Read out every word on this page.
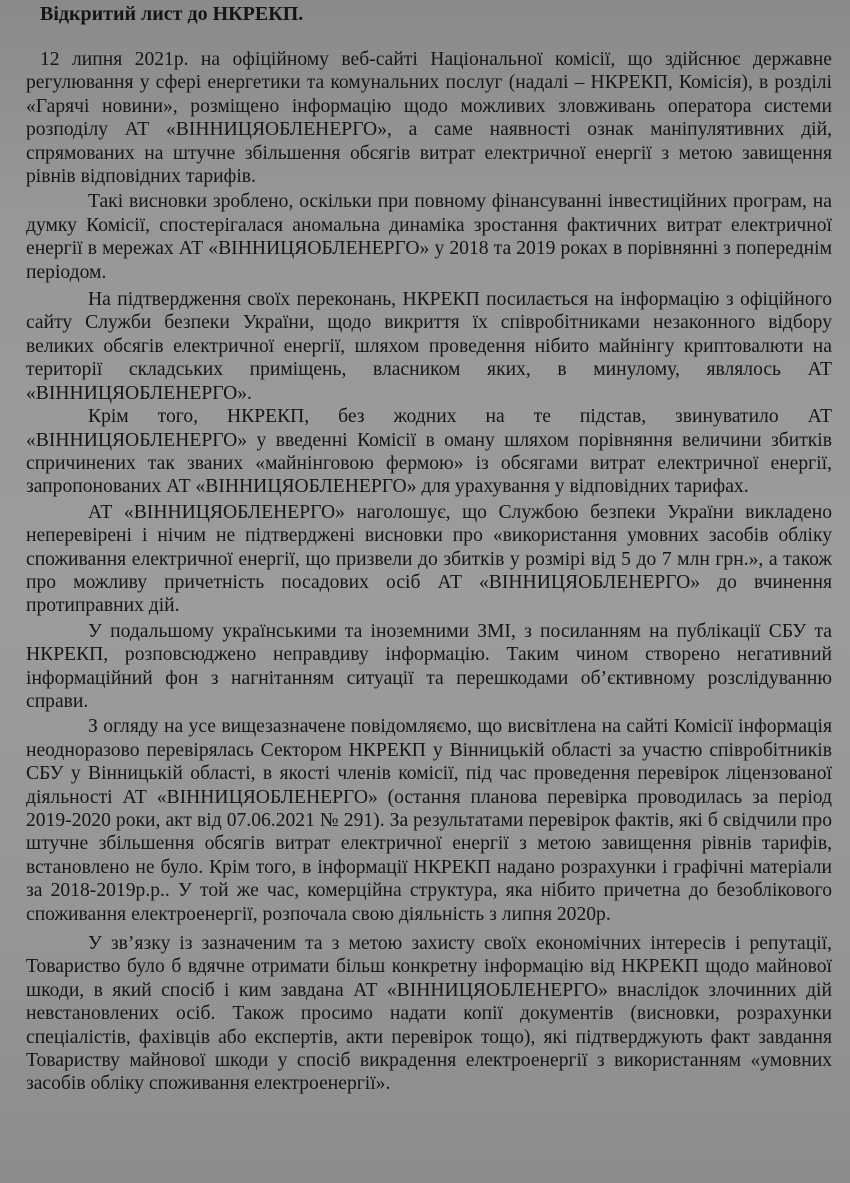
Відкритий лист до НКРЕКП.

12 липня 2021р. на офіційному веб-сайті Національної комісії, що здійснює державне регулювання у сфері енергетики та комунальних послуг (надалі – НКРЕКП, Комісія), в розділі «Гарячі новини», розміщено інформацію щодо можливих зловживань оператора системи розподілу АТ «ВІННИЦЯОБЛЕНЕРГО», а саме наявності ознак маніпулятивних дій, спрямованих на штучне збільшення обсягів витрат електричної енергії з метою завищення рівнів відповідних тарифів.

Такі висновки зроблено, оскільки при повному фінансуванні інвестиційних програм, на думку Комісії, спостерігалася аномальна динаміка зростання фактичних витрат електричної енергії в мережах АТ «ВІННИЦЯОБЛЕНЕРГО» у 2018 та 2019 роках в порівнянні з попереднім періодом.

На підтвердження своїх переконань, НКРЕКП посилається на інформацію з офіційного сайту Служби безпеки України, щодо викриття їх співробітниками незаконного відбору великих обсягів електричної енергії, шляхом проведення нібито майнінгу криптовалюти на території складських приміщень, власником яких, в минулому, являлось АТ «ВІННИЦЯОБЛЕНЕРГО».

Крім того, НКРЕКП, без жодних на те підстав, звинуватило АТ «ВІННИЦЯОБЛЕНЕРГО» у введенні Комісії в оману шляхом порівняння величини збитків спричинених так званих «майнінговою фермою» із обсягами витрат електричної енергії, запропонованих АТ «ВІННИЦЯОБЛЕНЕРГО» для урахування у відповідних тарифах.

АТ «ВІННИЦЯОБЛЕНЕРГО» наголошує, що Службою безпеки України викладено неперевірені і нічим не підтверджені висновки про «використання умовних засобів обліку споживання електричної енергії, що призвели до збитків у розмірі від 5 до 7 млн грн.», а також про можливу причетність посадових осіб АТ «ВІННИЦЯОБЛЕНЕРГО» до вчинення протиправних дій.

У подальшому українськими та іноземними ЗМІ, з посиланням на публікації СБУ та НКРЕКП, розповсюджено неправдиву інформацію. Таким чином створено негативний інформаційний фон з нагнітанням ситуації та перешкодами об’єктивному розслідуванню справи.

З огляду на усе вищезазначене повідомляємо, що висвітлена на сайті Комісії інформація неодноразово перевірялась Сектором НКРЕКП у Вінницькій області за участю співробітників СБУ у Вінницькій області, в якості членів комісії, під час проведення перевірок ліцензованої діяльності АТ «ВІННИЦЯОБЛЕНЕРГО» (остання планова перевірка проводилась за період 2019-2020 роки, акт від 07.06.2021 № 291). За результатами перевірок фактів, які б свідчили про штучне збільшення обсягів витрат електричної енергії з метою завищення рівнів тарифів, встановлено не було. Крім того, в інформації НКРЕКП надано розрахунки і графічні матеріали за 2018-2019р.р.. У той же час, комерційна структура, яка нібито причетна до безоблікового споживання електроенергії, розпочала свою діяльність з липня 2020р.

У зв’язку із зазначеним та з метою захисту своїх економічних інтересів і репутації, Товариство було б вдячне отримати більш конкретну інформацію від НКРЕКП щодо майнової шкоди, в який спосіб і ким завдана АТ «ВІННИЦЯОБЛЕНЕРГО» внаслідок злочинних дій невстановлених осіб. Також просимо надати копії документів (висновки, розрахунки спеціалістів, фахівців або експертів, акти перевірок тощо), які підтверджують факт завдання Товариству майнової шкоди у спосіб викрадення електроенергії з використанням «умовних засобів обліку споживання електроенергії».
